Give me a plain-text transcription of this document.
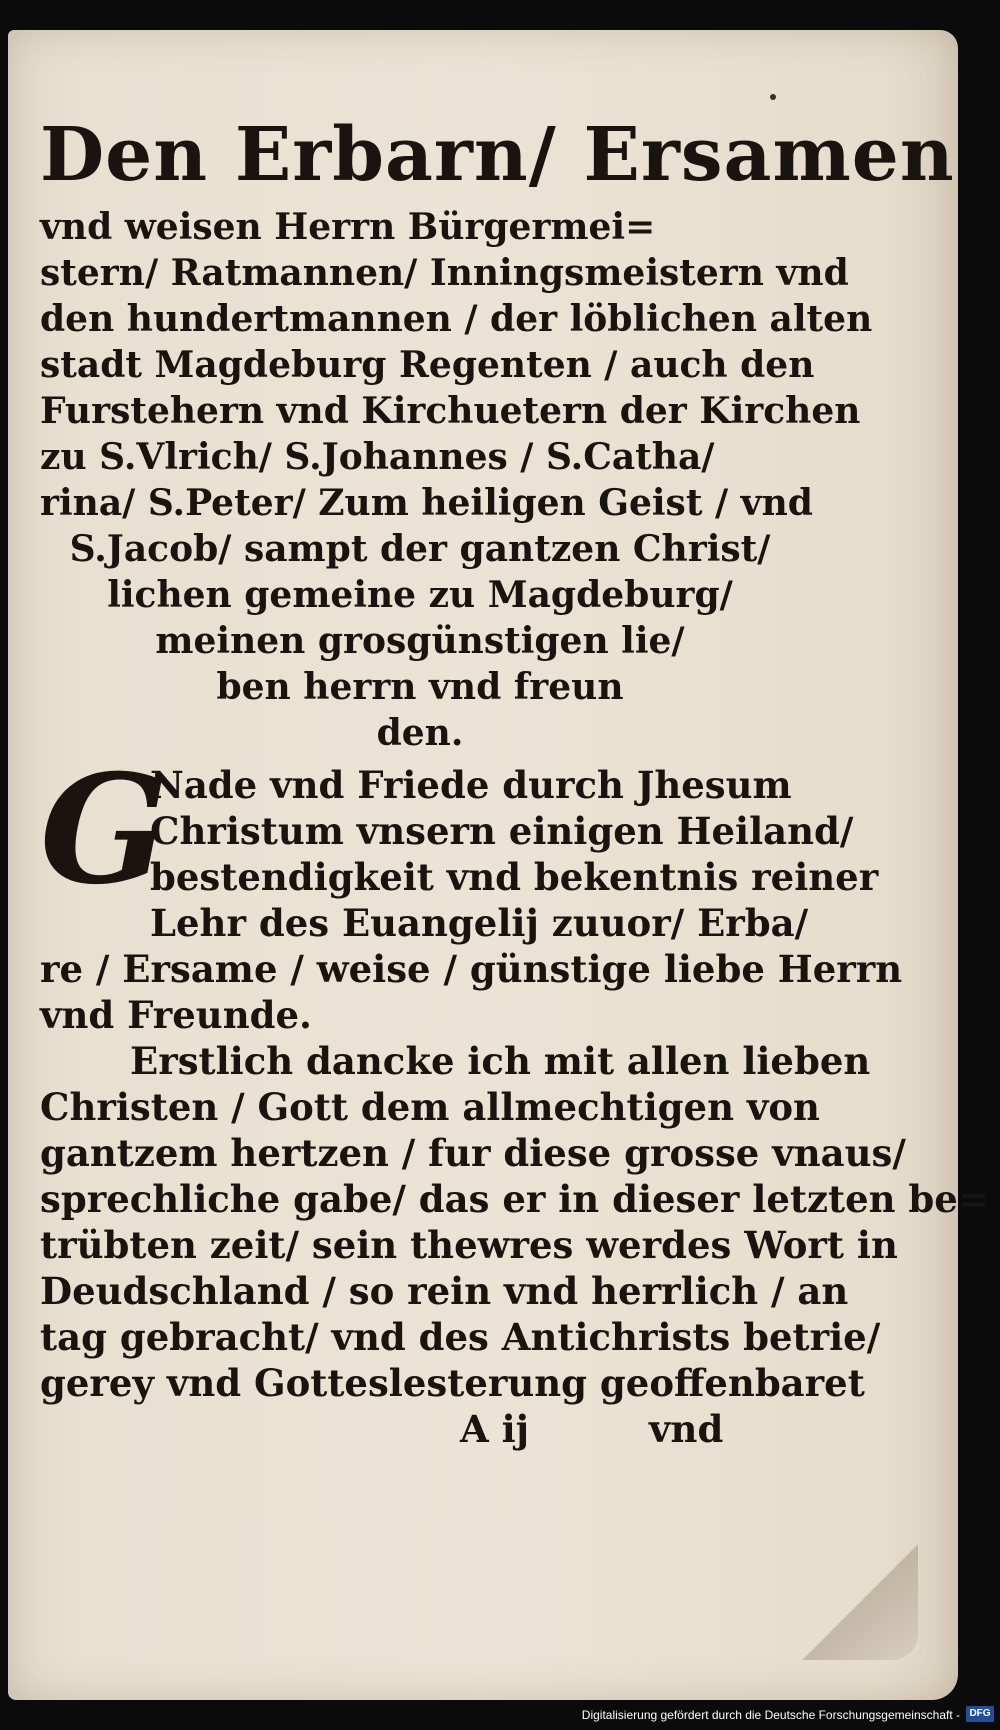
Den Erbarn/ Ersamen
vnd weisen Herrn Bürgermei=
stern/ Ratmannen/ Inningsmeistern vnd
den hundertmannen / der löblichen alten
stadt Magdeburg Regenten / auch den
Furstehern vnd Kirchuetern der Kirchen
zu S.Vlrich/ S.Johannes / S.Catha/
rina/ S.Peter/ Zum heiligen Geist / vnd
S.Jacob/ sampt der gantzen Christ/
lichen gemeine zu Magdeburg/
meinen grosgünstigen lie/
ben herrn vnd freun
den.
Nade vnd Friede durch Jhesum
Christum vnsern einigen Heiland/
bestendigkeit vnd bekentnis reiner
Lehr des Euangelij zuuor/ Erba/
re / Ersame / weise / günstige liebe Herrn
vnd Freunde.
Erstlich dancke ich mit allen lieben
Christen / Gott dem allmechtigen von
gantzem hertzen / fur diese grosse vnaus/
sprechliche gabe/ das er in dieser letzten be=
trübten zeit/ sein thewres werdes Wort in
Deudschland / so rein vnd herrlich / an
tag gebracht/ vnd des Antichrists betrie/
gerey vnd Gotteslesterung geoffenbaret
A ij	vnd
G
Digitalisierung gefördert durch die Deutsche Forschungsgemeinschaft - DFG
